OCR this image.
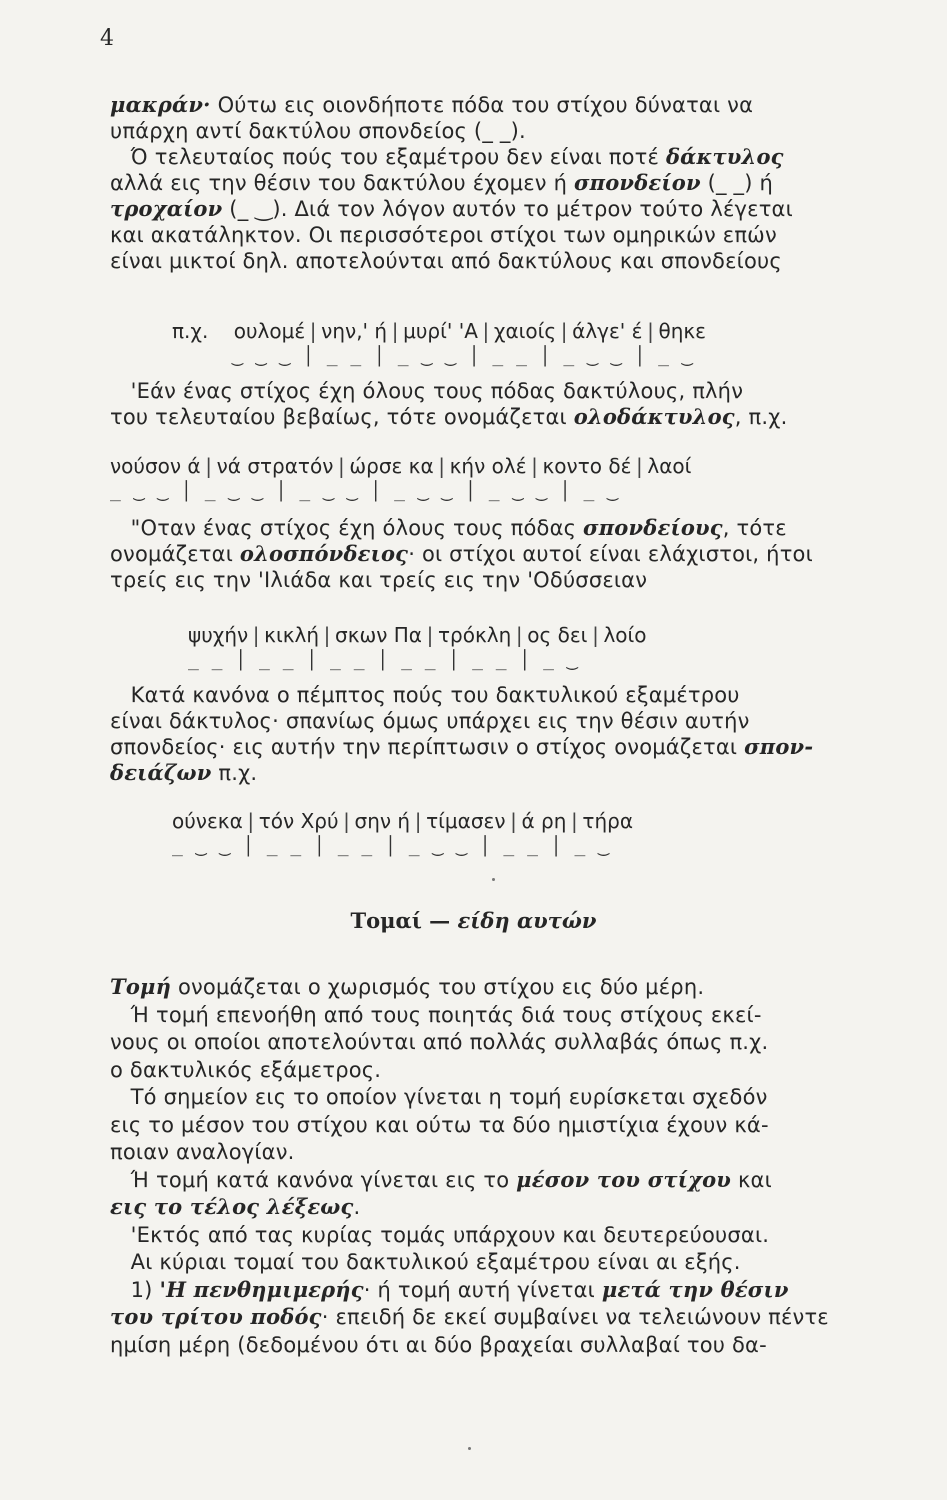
4
μακράν· Ούτω εις οιονδήποτε πόδα του στίχου δύναται να
υπάρχη αντί δακτύλου σπονδείος (_ _).
Ό τελευταίος πούς του εξαμέτρου δεν είναι ποτέ δάκτυλος
αλλά εις την θέσιν του δακτύλου έχομεν ή σπονδείον (_ _) ή
τροχαίον (_ ‿). Διά τον λόγον αυτόν το μέτρον τούτο λέγεται
και ακατάληκτον. Οι περισσότεροι στίχοι των ομηρικών επών
είναι μικτοί δηλ. αποτελούνται από δακτύλους και σπονδείους
π.χ.    ουλομέ | νην,' ή | μυρί' 'Α | χαιοίς | άλγε' έ | θηκε
‿ ‿ ‿ │ _ _ │ _ ‿ ‿ │ _ _ │ _ ‿ ‿ │ _ ‿
'Εάν ένας στίχος έχη όλους τους πόδας δακτύλους, πλήν
του τελευταίου βεβαίως, τότε ονομάζεται ολοδάκτυλος, π.χ.
νούσον ά | νά στρατόν | ώρσε κα | κήν ολέ | κοντο δέ | λαοί
_ ‿ ‿ │ _ ‿ ‿ │ _ ‿ ‿ │ _ ‿ ‿ │ _ ‿ ‿ │ _ ‿
"Οταν ένας στίχος έχη όλους τους πόδας σπονδείους, τότε
ονομάζεται ολοσπόνδειος· οι στίχοι αυτοί είναι ελάχιστοι, ήτοι
τρείς εις την 'Ιλιάδα και τρείς εις την 'Οδύσσειαν
ψυχήν | κικλή | σκων Πα | τρόκλη | ος δει | λοίο
_ _ │ _ _ │ _ _ │ _ _ │ _ _ │ _ ‿
Κατά κανόνα ο πέμπτος πούς του δακτυλικού εξαμέτρου
είναι δάκτυλος· σπανίως όμως υπάρχει εις την θέσιν αυτήν
σπονδείος· εις αυτήν την περίπτωσιν ο στίχος ονομάζεται σπον-
δειάζων π.χ.
ούνεκα | τόν Χρύ | σην ή | τίμασεν | ά ρη | τήρα
_ ‿ ‿ │ _ _ │ _ _ │ _ ‿ ‿ │ _ _ │ _ ‿
Τομή ονομάζεται ο χωρισμός του στίχου εις δύο μέρη.
Ή τομή επενοήθη από τους ποιητάς διά τους στίχους εκεί-
νους οι οποίοι αποτελούνται από πολλάς συλλαβάς όπως π.χ.
ο δακτυλικός εξάμετρος.
Τό σημείον εις το οποίον γίνεται η τομή ευρίσκεται σχεδόν
εις το μέσον του στίχου και ούτω τα δύο ημιστίχια έχουν κά-
ποιαν αναλογίαν.
Ή τομή κατά κανόνα γίνεται εις το μέσον του στίχου και
εις το τέλος λέξεως.
'Εκτός από τας κυρίας τομάς υπάρχουν και δευτερεύουσαι.
Αι κύριαι τομαί του δακτυλικού εξαμέτρου είναι αι εξής.
1) 'Η πενθημιμερής· ή τομή αυτή γίνεται μετά την θέσιν
του τρίτου ποδός· επειδή δε εκεί συμβαίνει να τελειώνουν πέντε
ημίση μέρη (δεδομένου ότι αι δύο βραχείαι συλλαβαί του δα-
Τομαί — είδη αυτών
